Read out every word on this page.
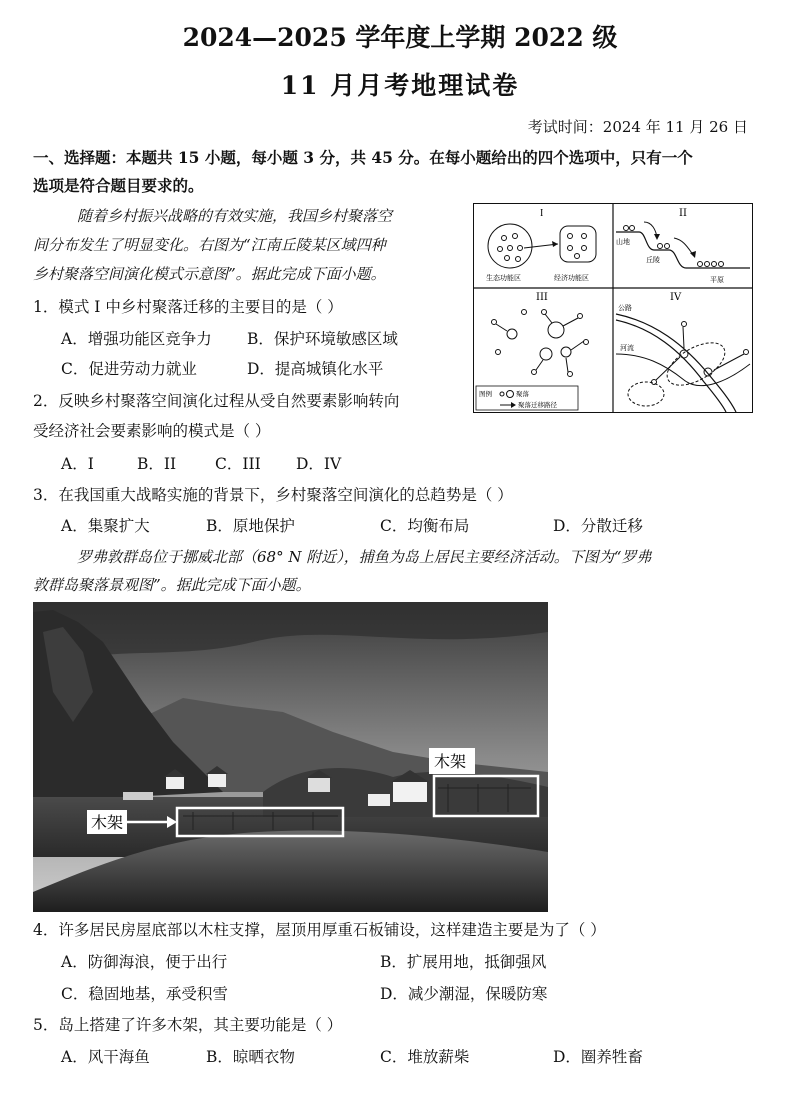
2024—2025 学年度上学期 2022 级
11 月月考地理试卷
考试时间：2024 年 11 月 26 日
一、选择题：本题共 15 小题，每小题 3 分，共 45 分。在每小题给出的四个选项中，只有一个
选项是符合题目要求的。
随着乡村振兴战略的有效实施，我国乡村聚落空
间分布发生了明显变化。右图为“江南丘陵某区域四种
乡村聚落空间演化模式示意图”。据此完成下面小题。
1．模式 I 中乡村聚落迁移的主要目的是（ ）
A．增强功能区竞争力 B．保护环境敏感区域
C．促进劳动力就业	D．提高城镇化水平
2．反映乡村聚落空间演化过程从受自然要素影响转向
受经济社会要素影响的模式是（ ）
A．I	B．II	C．III D．IV
3．在我国重大战略实施的背景下，乡村聚落空间演化的总趋势是（ ）
A．集聚扩大	B．原地保护	C．均衡布局	D．分散迁移
罗弗敦群岛位于挪威北部（68° N 附近），捕鱼为岛上居民主要经济活动。下图为“罗弗
敦群岛聚落景观图”。据此完成下面小题。
I
生态功能区	经济功能区
II
山地
丘陵
平原
III
图例	聚落
聚落迁移路径
IV
公路
河流
木架
木架
4．许多居民房屋底部以木柱支撑，屋顶用厚重石板铺设，这样建造主要是为了（ ）
A．防御海浪，便于出行	B．扩展用地，抵御强风
C．稳固地基，承受积雪	D．减少潮湿，保暖防寒
5．岛上搭建了许多木架，其主要功能是（ ）
A．风干海鱼	B．晾晒衣物	C．堆放薪柴	D．圈养牲畜
